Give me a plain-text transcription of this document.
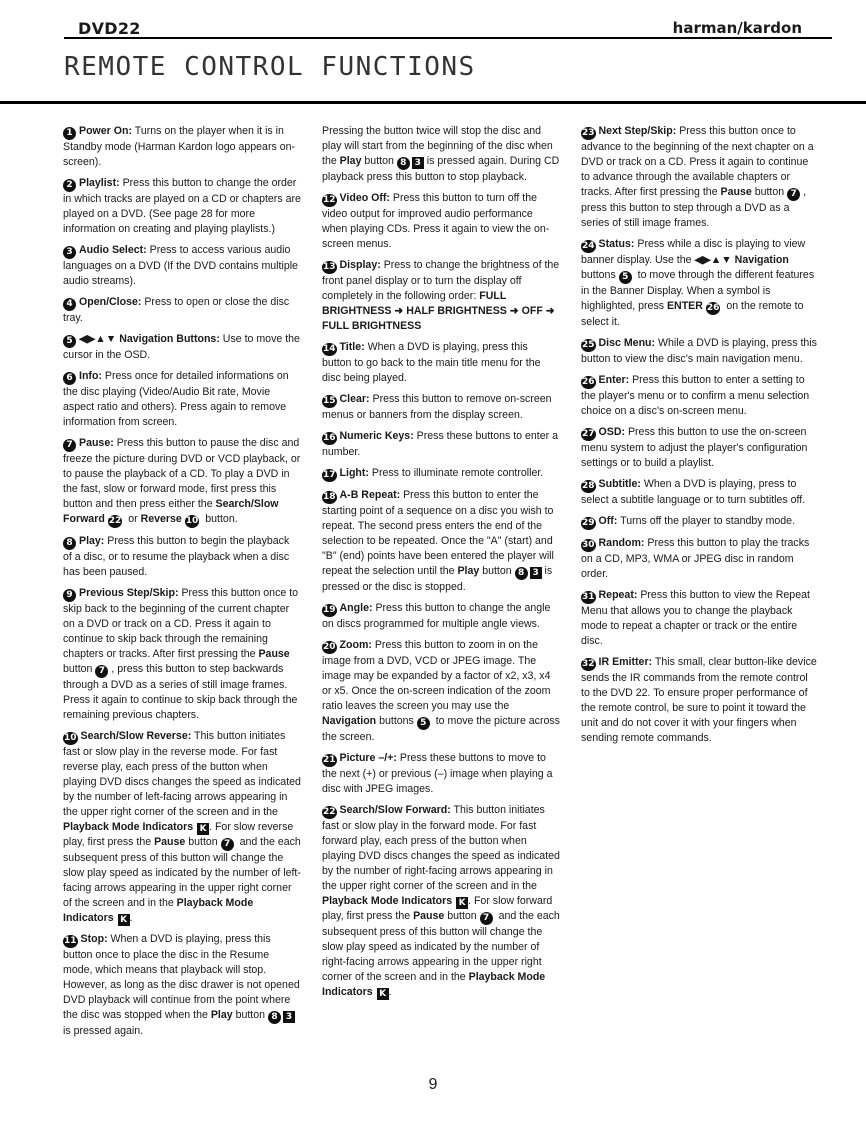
DVD22	harman/kardon
REMOTE CONTROL FUNCTIONS

1 Power On: Turns on the player when it is in Standby mode (Harman Kardon logo appears on-screen).

2 Playlist: Press this button to change the order in which tracks are played on a CD or chapters are played on a DVD. (See page 28 for more information on creating and playing playlists.)

3 Audio Select: Press to access various audio languages on a DVD (If the DVD contains multiple audio streams).

4 Open/Close: Press to open or close the disc tray.

5 ◀▶▲▼ Navigation Buttons: Use to move the cursor in the OSD.

6 Info: Press once for detailed informations on the disc playing (Video/Audio Bit rate, Movie aspect ratio and others). Press again to remove information from screen.

7 Pause: Press this button to pause the disc and freeze the picture during DVD or VCD playback, or to pause the playback of a CD. To play a DVD in the fast, slow or forward mode, first press this button and then press either the Search/Slow Forward 22 or Reverse 10 button.

8 Play: Press this button to begin the playback of a disc, or to resume the playback when a disc has been paused.

9 Previous Step/Skip: Press this button once to skip back to the beginning of the current chapter on a DVD or track on a CD. Press it again to continue to skip back through the remaining chapters or tracks. After first pressing the Pause button 7 , press this button to step backwards through a DVD as a series of still image frames. Press it again to continue to skip back through the remaining previous chapters.

10 Search/Slow Reverse: This button initiates fast or slow play in the reverse mode. For fast reverse play, each press of the button when playing DVD discs changes the speed as indicated by the number of left-facing arrows appearing in the upper right corner of the screen and in the Playback Mode Indicators K . For slow reverse play, first press the Pause button 7 and the each subsequent press of this button will change the slow play speed as indicated by the number of left-facing arrows appearing in the upper right corner of the screen and in the Playback Mode Indicators K .

11 Stop: When a DVD is playing, press this button once to place the disc in the Resume mode, which means that playback will stop. However, as long as the disc drawer is not opened DVD playback will continue from the point where the disc was stopped when the Play button 8 3 is pressed again.

Pressing the button twice will stop the disc and play will start from the beginning of the disc when the Play button 8 3 is pressed again. During CD playback press this button to stop playback.

12 Video Off: Press this button to turn off the video output for improved audio performance when playing CDs. Press it again to view the on-screen menus.

13 Display: Press to change the brightness of the front panel display or to turn the display off completely in the following order: FULL BRIGHTNESS ➜ HALF BRIGHTNESS ➜ OFF ➜ FULL BRIGHTNESS

14 Title: When a DVD is playing, press this button to go back to the main title menu for the disc being played.

15 Clear: Press this button to remove on-screen menus or banners from the display screen.

16 Numeric Keys: Press these buttons to enter a number.

17 Light: Press to illuminate remote controller.

18 A-B Repeat: Press this button to enter the starting point of a sequence on a disc you wish to repeat. The second press enters the end of the selection to be repeated. Once the "A" (start) and "B" (end) points have been entered the player will repeat the selection until the Play button 8 3 is pressed or the disc is stopped.

19 Angle: Press this button to change the angle on discs programmed for multiple angle views.

20 Zoom: Press this button to zoom in on the image from a DVD, VCD or JPEG image. The image may be expanded by a factor of x2, x3, x4 or x5. Once the on-screen indication of the zoom ratio leaves the screen you may use the Navigation buttons 5 to move the picture across the screen.

21 Picture –/+: Press these buttons to move to the next (+) or previous (–) image when playing a disc with JPEG images.

22 Search/Slow Forward: This button initiates fast or slow play in the forward mode. For fast forward play, each press of the button when playing DVD discs changes the speed as indicated by the number of right-facing arrows appearing in the upper right corner of the screen and in the Playback Mode Indicators K . For slow forward play, first press the Pause button 7 and the each subsequent press of this button will change the slow play speed as indicated by the number of right-facing arrows appearing in the upper right corner of the screen and in the Playback Mode Indicators K .

23 Next Step/Skip: Press this button once to advance to the beginning of the next chapter on a DVD or track on a CD. Press it again to continue to advance through the available chapters or tracks. After first pressing the Pause button 7 , press this button to step through a DVD as a series of still image frames.

24 Status: Press while a disc is playing to view banner display. Use the ◀▶▲▼ Navigation buttons 5 to move through the different features in the Banner Display. When a symbol is highlighted, press ENTER 26 on the remote to select it.

25 Disc Menu: While a DVD is playing, press this button to view the disc's main navigation menu.

26 Enter: Press this button to enter a setting to the player's menu or to confirm a menu selection choice on a disc's on-screen menu.

27 OSD: Press this button to use the on-screen menu system to adjust the player's configuration settings or to build a playlist.

28 Subtitle: When a DVD is playing, press to select a subtitle language or to turn subtitles off.

29 Off: Turns off the player to standby mode.

30 Random: Press this button to play the tracks on a CD, MP3, WMA or JPEG disc in random order.

31 Repeat: Press this button to view the Repeat Menu that allows you to change the playback mode to repeat a chapter or track or the entire disc.

32 IR Emitter: This small, clear button-like device sends the IR commands from the remote control to the DVD 22. To ensure proper performance of the remote control, be sure to point it toward the unit and do not cover it with your fingers when sending remote commands.

9
